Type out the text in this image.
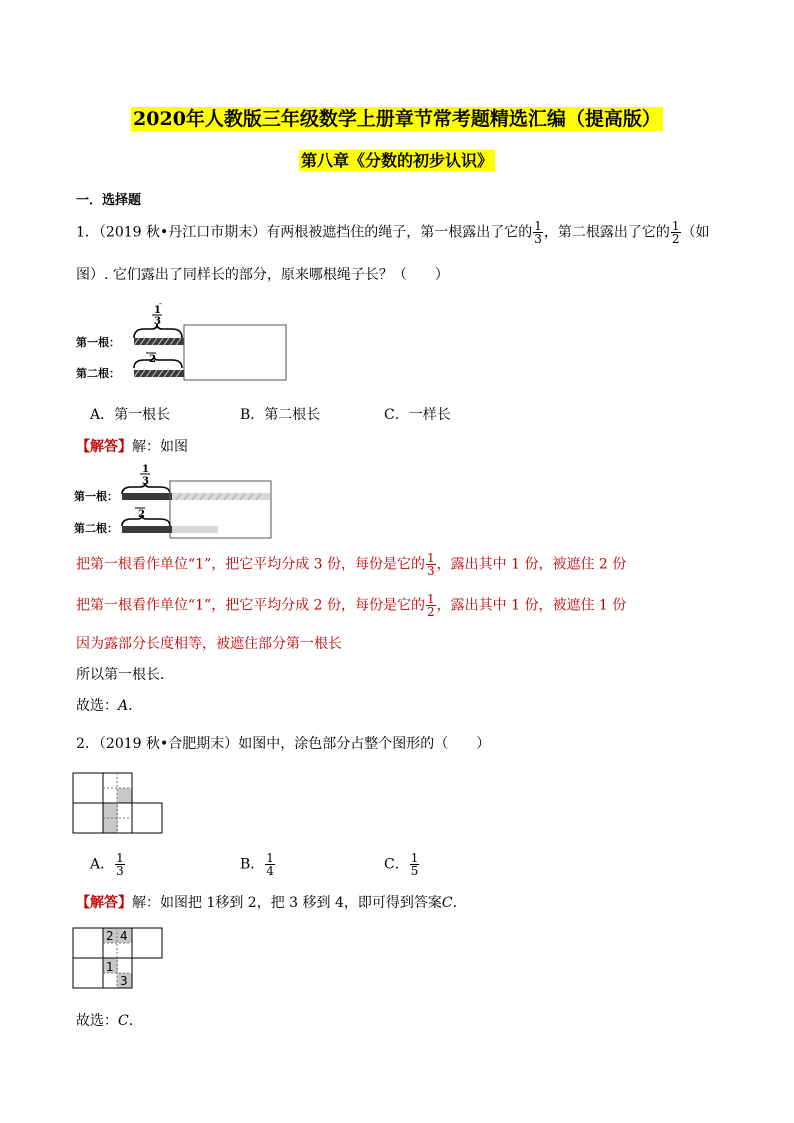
2020年人教版三年级数学上册章节常考题精选汇编（提高版）
第八章《分数的初步认识》
一．选择题
1．（2019 秋•丹江口市期末）有两根被遮挡住的绳子，第一根露出了它的 $\frac{1}{3}$ ，第二根露出了它的 $\frac{1}{2}$ （如
图）. 它们露出了同样长的部分，原来哪根绳子长？（　　）
-
1
3
第一根：
2
第二根：
A．第一根长	B．第二根长	C．一样长
【解答】解：如图
1
3
第一根：
2
第二根：
把第一根看作单位“1”，把它平均分成 3 份，每份是它的 $\frac{1}{3}$ ，露出其中 1 份，被遮住 2 份
把第一根看作单位“1”，把它平均分成 2 份，每份是它的 $\frac{1}{2}$ ，露出其中 1 份，被遮住 1 份
因为露部分长度相等，被遮住部分第一根长
所以第一根长．
故选：A．
2．（2019 秋•合肥期末）如图中，涂色部分占整个图形的（　　）
A． $\frac{1}{3}$	B． $\frac{1}{4}$	C． $\frac{1}{5}$
【解答】解：如图把 1移到 2，把 3 移到 4，即可得到答案C．
2 4
1
3
故选：C．
